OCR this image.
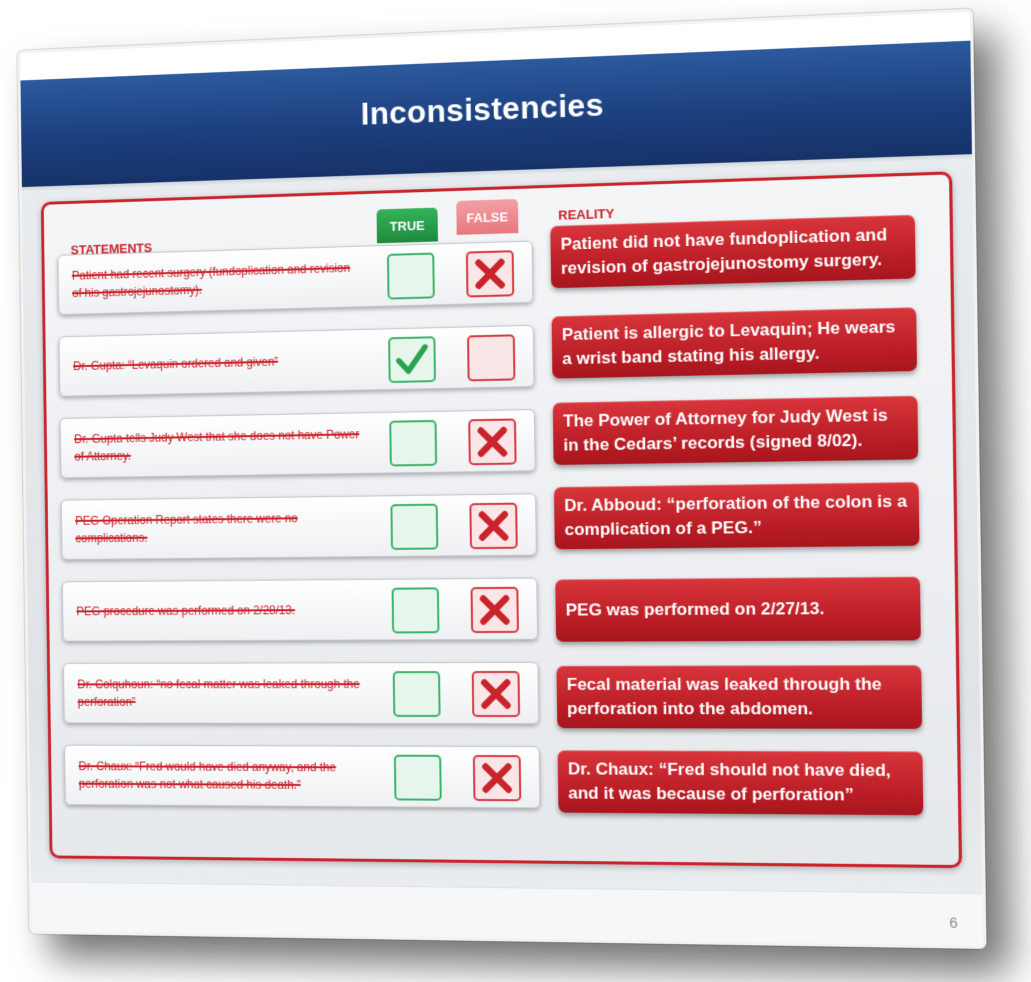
Inconsistencies
STATEMENTS
REALITY
TRUE
FALSE
Patient had recent surgery (fundoplication and revision of his gastrojejunostomy).
Patient did not have fundoplication and revision of gastrojejunostomy surgery.
Dr. Gupta: “Levaquin ordered and given”
Patient is allergic to Levaquin; He wears a wrist band stating his allergy.
Dr. Gupta tells Judy West that she does not have Power of Attorney.
The Power of Attorney for Judy West is in the Cedars’ records (signed 8/02).
PEG Operation Report states there were no complications.
Dr. Abboud: “perforation of the colon is a complication of a PEG.”
PEG procedure was performed on 2/28/13.	PEG was performed on 2/27/13.
Dr. Colquhoun: “no fecal matter was leaked through the perforation”
Fecal material was leaked through the perforation into the abdomen.
Dr. Chaux: “Fred would have died anyway, and the perforation was not what caused his death.”
Dr. Chaux: “Fred should not have died, and it was because of perforation”
6
